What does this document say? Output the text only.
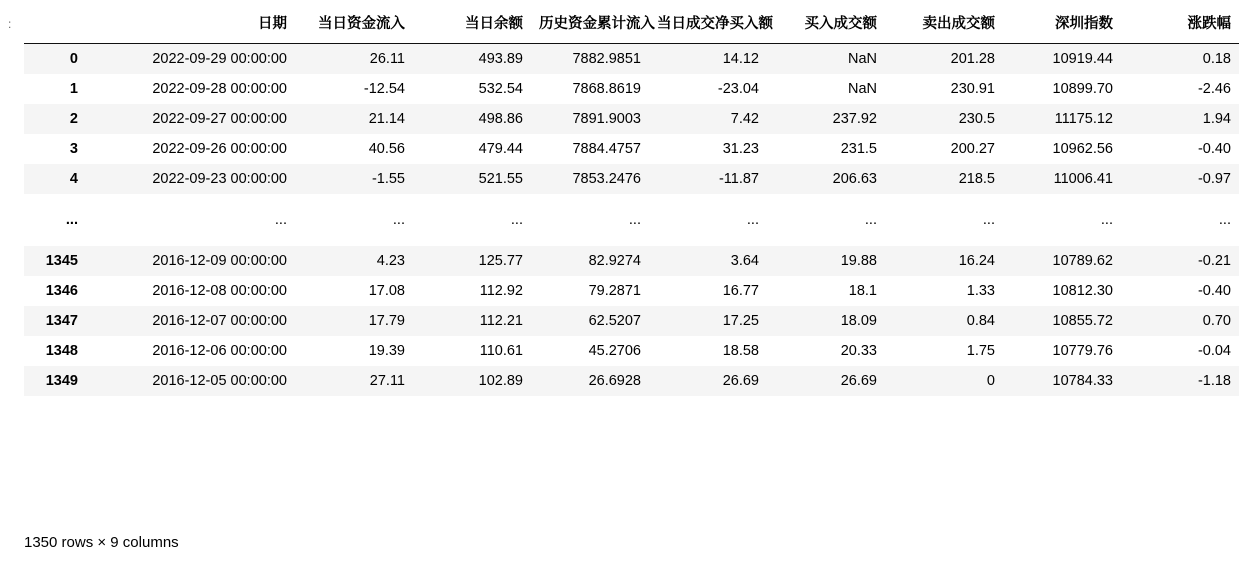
:
		日期	当日资金流入	当日余额	历史资金累计流入	当日成交净买入额	买入成交额	卖出成交额	深圳指数	涨跌幅
0	2022-09-29 00:00:00	26.11	493.89	7882.9851	14.12	NaN	201.28	10919.44	0.18
1	2022-09-28 00:00:00	-12.54	532.54	7868.8619	-23.04	NaN	230.91	10899.70	-2.46
2	2022-09-27 00:00:00	21.14	498.86	7891.9003	7.42	237.92	230.5	11175.12	1.94
3	2022-09-26 00:00:00	40.56	479.44	7884.4757	31.23	231.5	200.27	10962.56	-0.40
4	2022-09-23 00:00:00	-1.55	521.55	7853.2476	-11.87	206.63	218.5	11006.41	-0.97
...	...	...	...	...	...	...	...	...	...
1345	2016-12-09 00:00:00	4.23	125.77	82.9274	3.64	19.88	16.24	10789.62	-0.21
1346	2016-12-08 00:00:00	17.08	112.92	79.2871	16.77	18.1	1.33	10812.30	-0.40
1347	2016-12-07 00:00:00	17.79	112.21	62.5207	17.25	18.09	0.84	10855.72	0.70
1348	2016-12-06 00:00:00	19.39	110.61	45.2706	18.58	20.33	1.75	10779.76	-0.04
1349	2016-12-05 00:00:00	27.11	102.89	26.6928	26.69	26.69	0	10784.33	-1.18
1350 rows × 9 columns
